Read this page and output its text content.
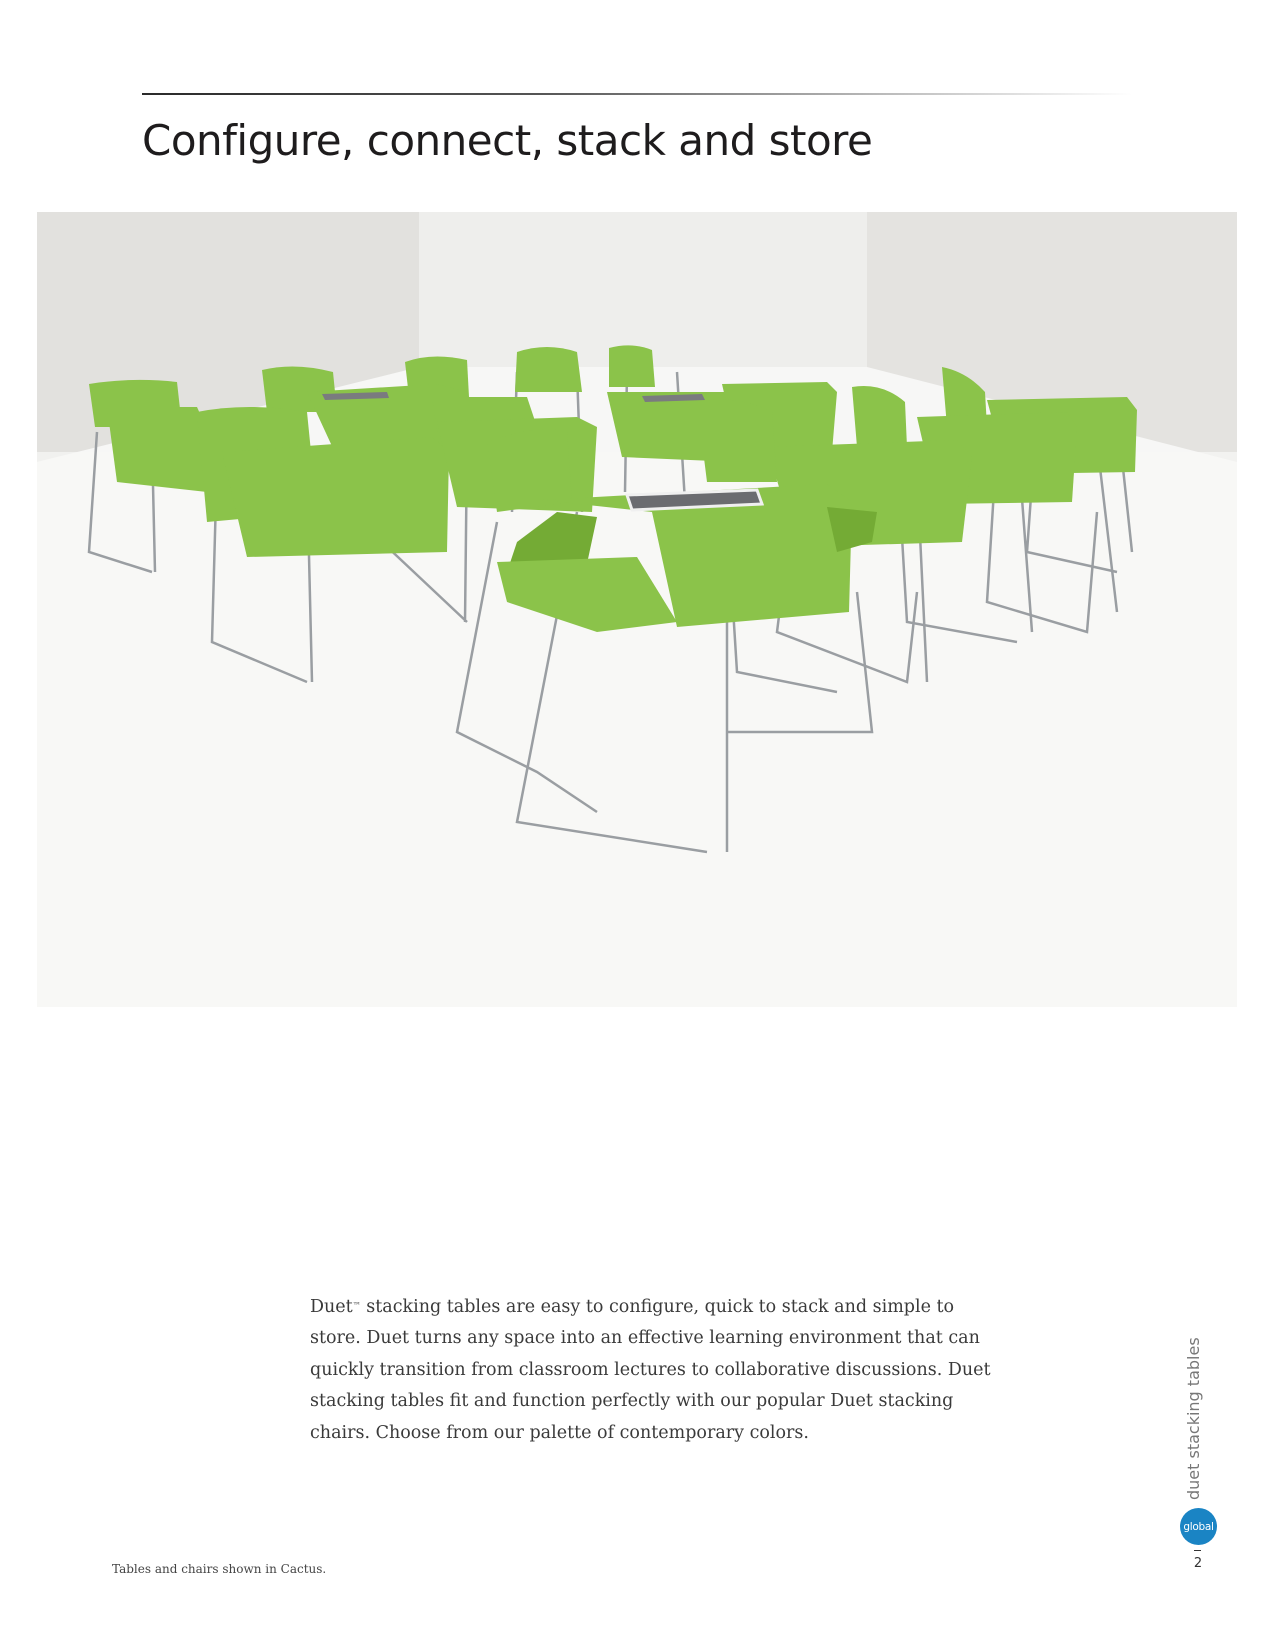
Configure, connect, stack and store

Duet™ stacking tables are easy to configure, quick to stack and simple to store. Duet turns any space into an effective learning environment that can quickly transition from classroom lectures to collaborative discussions. Duet stacking tables fit and function perfectly with our popular Duet stacking chairs. Choose from our palette of contemporary colors.

Tables and chairs shown in Cactus.
duet stacking tables
global
2
